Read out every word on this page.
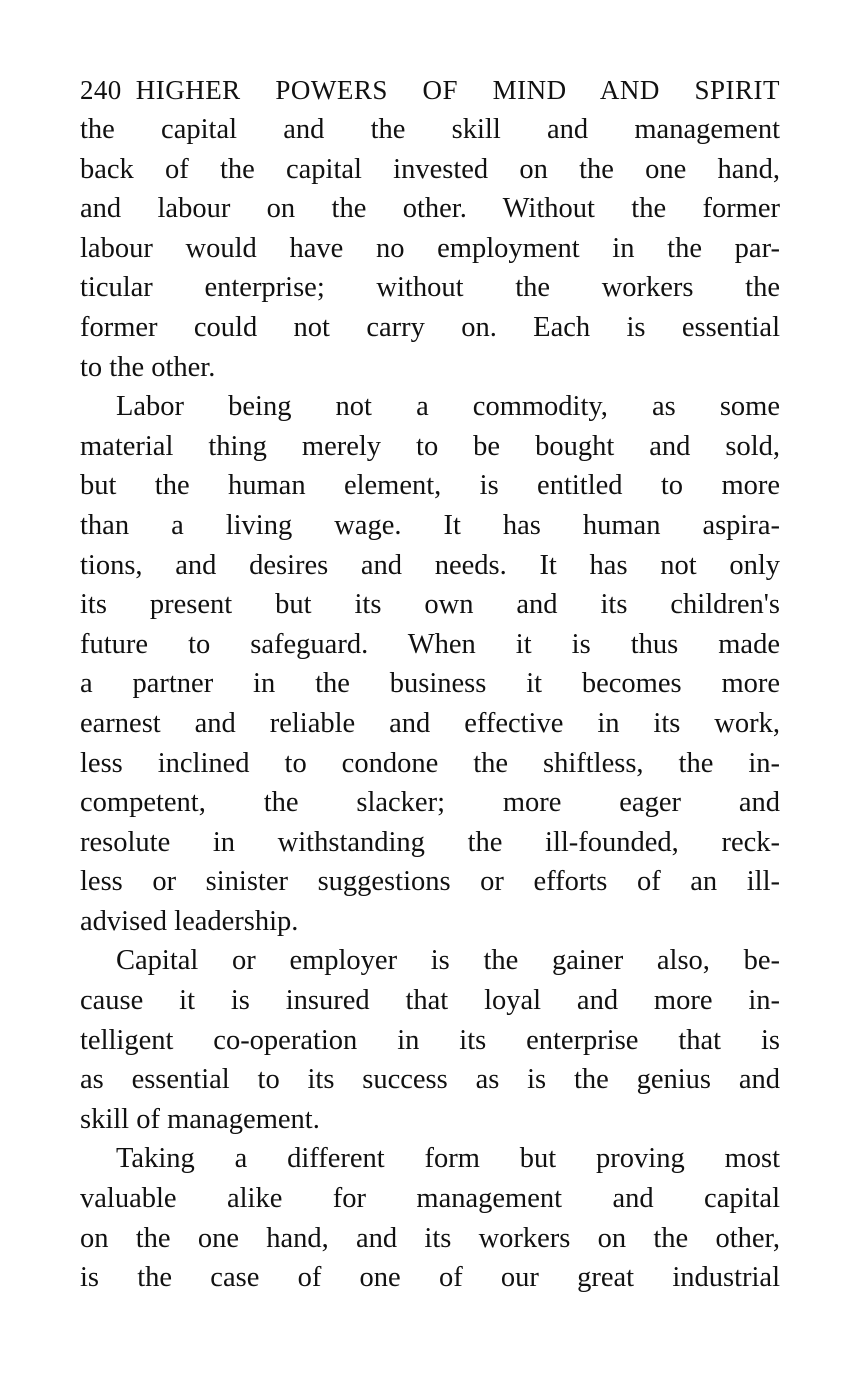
240 HIGHER POWERS OF MIND AND SPIRIT
the capital and the skill and management
back of the capital invested on the one hand,
and labour on the other. Without the former
labour would have no employment in the par-
ticular enterprise; without the workers the
former could not carry on. Each is essential
to the other.
Labor being not a commodity, as some
material thing merely to be bought and sold,
but the human element, is entitled to more
than a living wage. It has human aspira-
tions, and desires and needs. It has not only
its present but its own and its children's
future to safeguard. When it is thus made
a partner in the business it becomes more
earnest and reliable and effective in its work,
less inclined to condone the shiftless, the in-
competent, the slacker; more eager and
resolute in withstanding the ill-founded, reck-
less or sinister suggestions or efforts of an ill-
advised leadership.
Capital or employer is the gainer also, be-
cause it is insured that loyal and more in-
telligent co-operation in its enterprise that is
as essential to its success as is the genius and
skill of management.
Taking a different form but proving most
valuable alike for management and capital
on the one hand, and its workers on the other,
is the case of one of our great industrial
